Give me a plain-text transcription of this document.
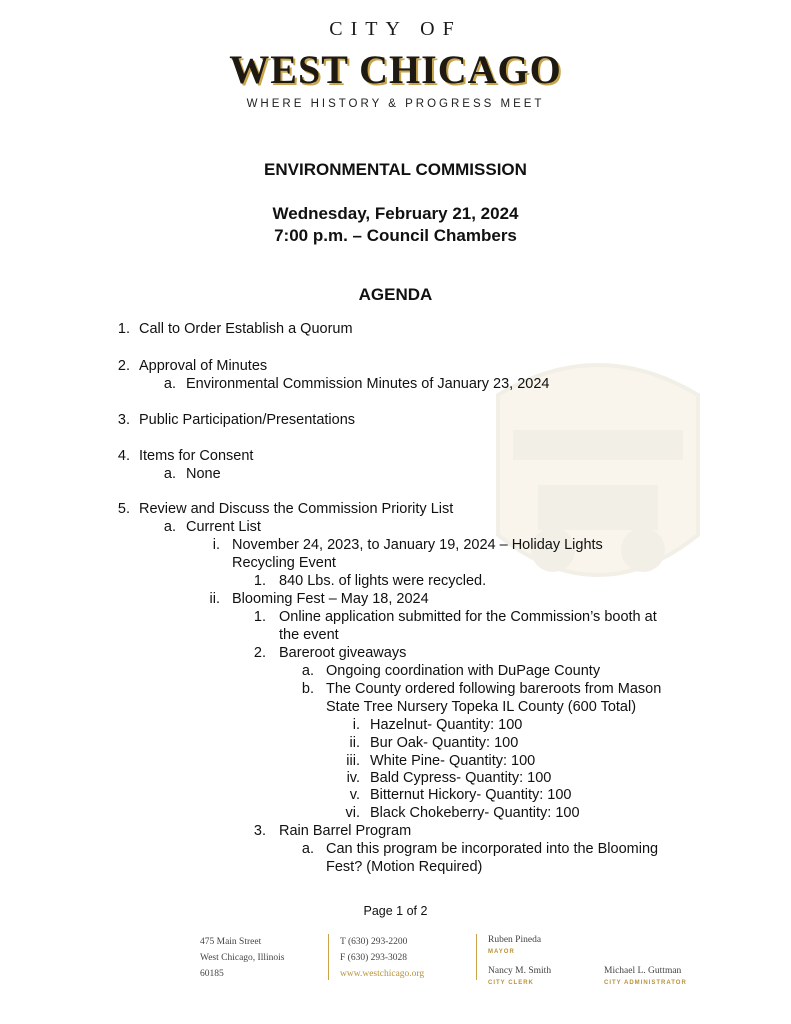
CITY OF
WEST CHICAGO
WHERE HISTORY & PROGRESS MEET
ENVIRONMENTAL COMMISSION
Wednesday, February 21, 2024
7:00 p.m. – Council Chambers
AGENDA
1. Call to Order Establish a Quorum
2. Approval of Minutes
a. Environmental Commission Minutes of January 23, 2024
3. Public Participation/Presentations
4. Items for Consent
a. None
5. Review and Discuss the Commission Priority List
a. Current List
i. November 24, 2023, to January 19, 2024 – Holiday Lights
Recycling Event
1. 840 Lbs. of lights were recycled.
ii. Blooming Fest – May 18, 2024
1. Online application submitted for the Commission’s booth at
the event
2. Bareroot giveaways
a. Ongoing coordination with DuPage County
b. The County ordered following bareroots from Mason
State Tree Nursery Topeka IL County (600 Total)
i. Hazelnut- Quantity: 100
ii. Bur Oak- Quantity: 100
iii. White Pine- Quantity: 100
iv. Bald Cypress- Quantity: 100
v. Bitternut Hickory- Quantity: 100
vi. Black Chokeberry- Quantity: 100
3. Rain Barrel Program
a. Can this program be incorporated into the Blooming
Fest? (Motion Required)
Page 1 of 2
475 Main Street
West Chicago, Illinois
60185
T (630) 293-2200
F (630) 293-3028
www.westchicago.org
Ruben Pineda
MAYOR
Nancy M. Smith
CITY CLERK
Michael L. Guttman
CITY ADMINISTRATOR
